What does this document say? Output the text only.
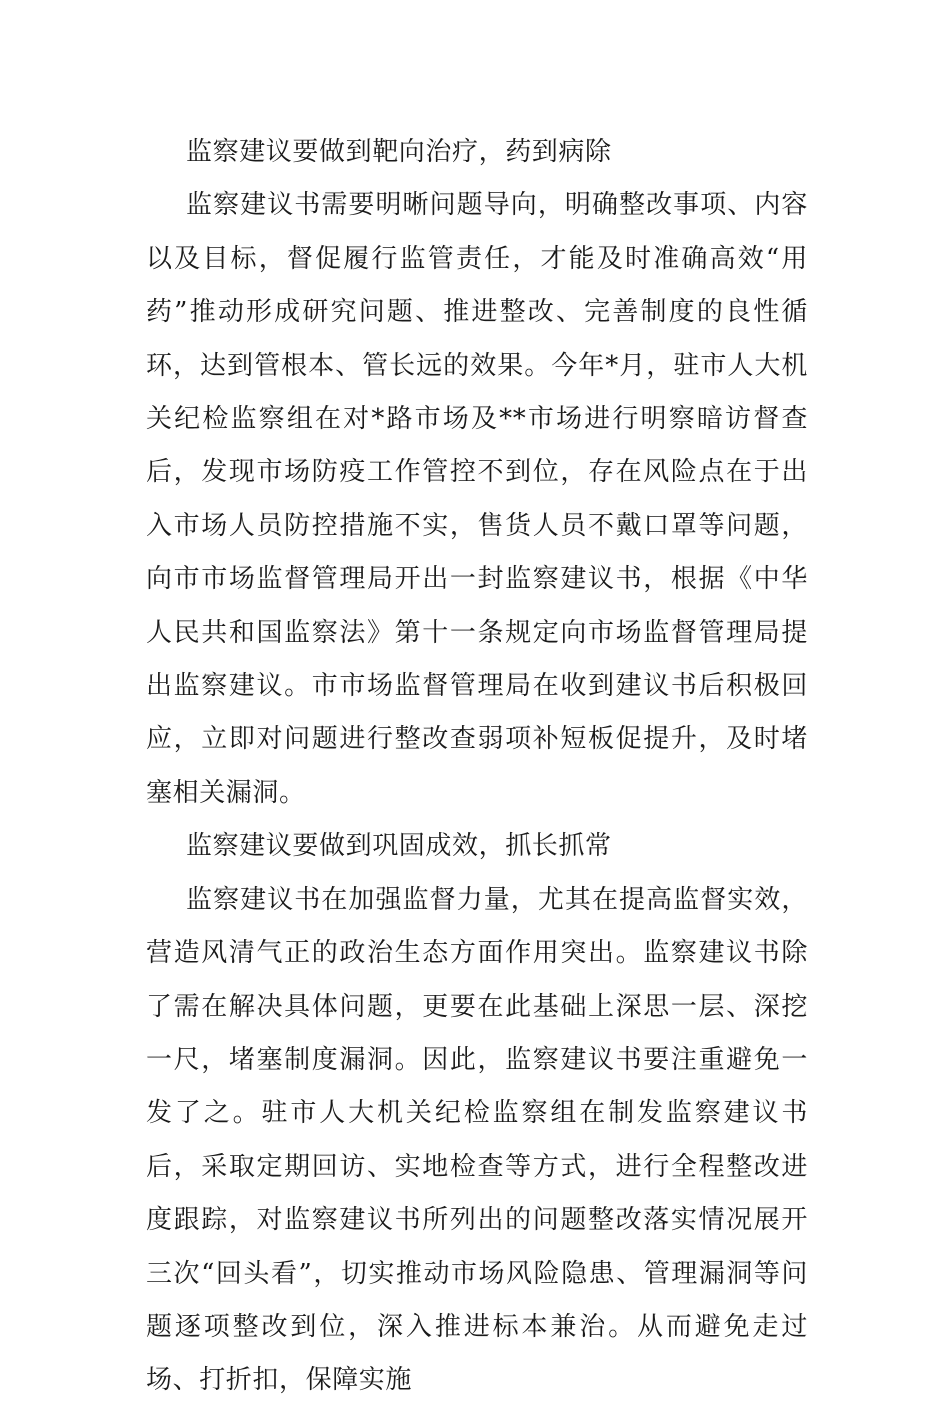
监察建议要做到靶向治疗，药到病除

监察建议书需要明晰问题导向，明确整改事项、内容以及目标，督促履行监管责任，才能及时准确高效“用药”推动形成研究问题、推进整改、完善制度的良性循环，达到管根本、管长远的效果。今年*月，驻市人大机关纪检监察组在对*路市场及**市场进行明察暗访督查后，发现市场防疫工作管控不到位，存在风险点在于出入市场人员防控措施不实，售货人员不戴口罩等问题，向市市场监督管理局开出一封监察建议书，根据《中华人民共和国监察法》第十一条规定向市场监督管理局提出监察建议。市市场监督管理局在收到建议书后积极回应，立即对问题进行整改查弱项补短板促提升，及时堵塞相关漏洞。

监察建议要做到巩固成效，抓长抓常

监察建议书在加强监督力量，尤其在提高监督实效，营造风清气正的政治生态方面作用突出。监察建议书除了需在解决具体问题，更要在此基础上深思一层、深挖一尺，堵塞制度漏洞。因此，监察建议书要注重避免一发了之。驻市人大机关纪检监察组在制发监察建议书后，采取定期回访、实地检查等方式，进行全程整改进度跟踪，对监察建议书所列出的问题整改落实情况展开三次“回头看”，切实推动市场风险隐患、管理漏洞等问题逐项整改到位，深入推进标本兼治。从而避免走过场、打折扣，保障实施
